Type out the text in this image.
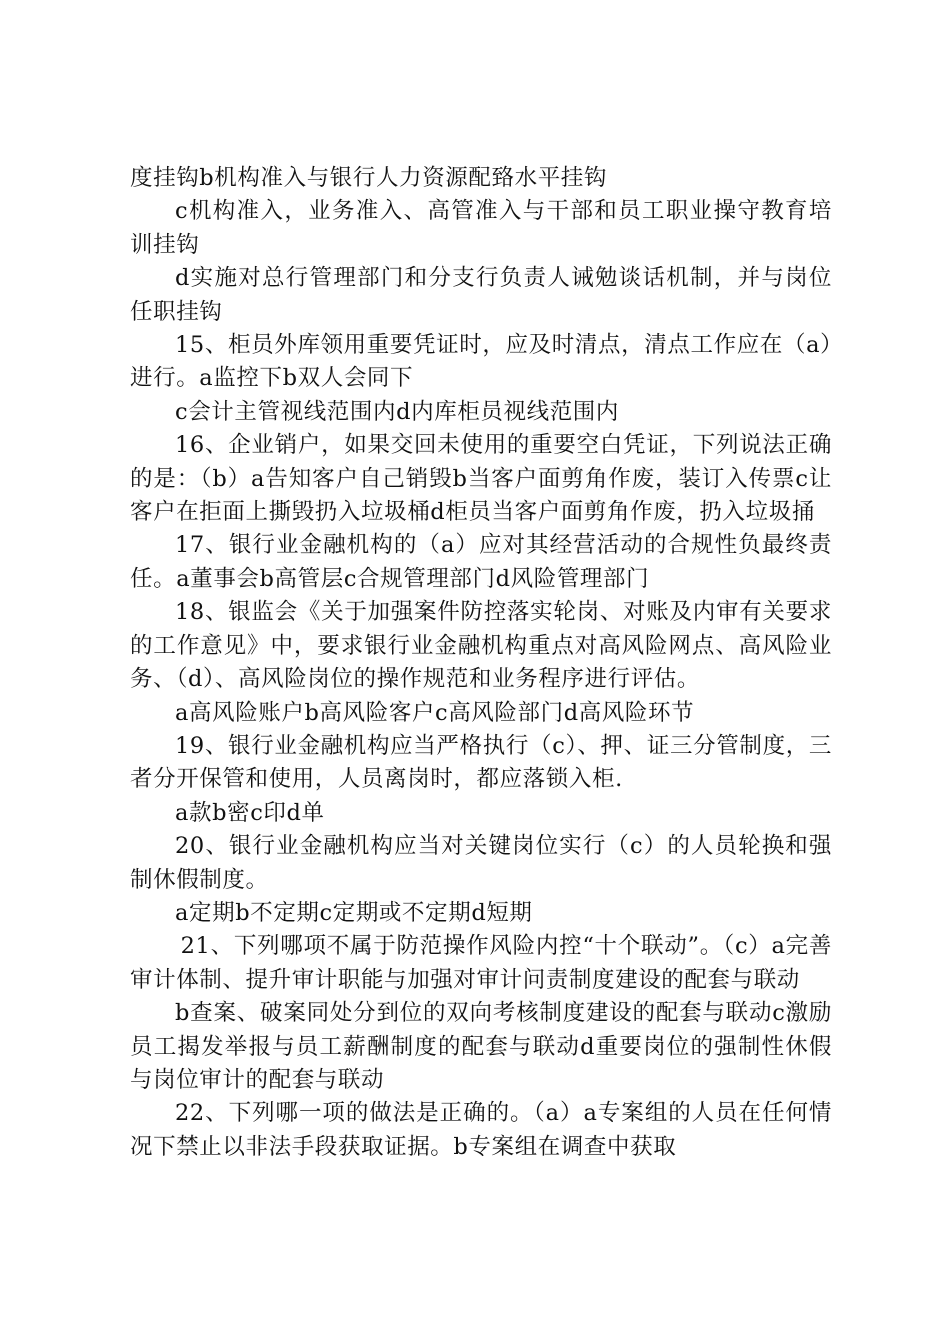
度挂钩b机构准入与银行人力资源配臵水平挂钩

c机构准入，业务准入、高管准入与干部和员工职业操守教育培训挂钩

d实施对总行管理部门和分支行负责人诫勉谈话机制，并与岗位任职挂钩

15、柜员外库领用重要凭证时，应及时清点，清点工作应在（a）进行。a监控下b双人会同下

c会计主管视线范围内d内库柜员视线范围内

16、企业销户，如果交回未使用的重要空白凭证，下列说法正确的是：（b）a告知客户自己销毁b当客户面剪角作废，装订入传票c让客户在拒面上撕毁扔入垃圾桶d柜员当客户面剪角作废，扔入垃圾捅

17、银行业金融机构的（a）应对其经营活动的合规性负最终责任。a董事会b高管层c合规管理部门d风险管理部门

18、银监会《关于加强案件防控落实轮岗、对账及内审有关要求的工作意见》中，要求银行业金融机构重点对高风险网点、高风险业务、（d）、高风险岗位的操作规范和业务程序进行评估。

a高风险账户b高风险客户c高风险部门d高风险环节

19、银行业金融机构应当严格执行（c）、押、证三分管制度，三者分开保管和使用，人员离岗时，都应落锁入柜.

a款b密c印d单

20、银行业金融机构应当对关键岗位实行（c）的人员轮换和强制休假制度。

a定期b不定期c定期或不定期d短期

21、下列哪项不属于防范操作风险内控“十个联动”。（c）a完善审计体制、提升审计职能与加强对审计问责制度建设的配套与联动

b查案、破案同处分到位的双向考核制度建设的配套与联动c激励员工揭发举报与员工薪酬制度的配套与联动d重要岗位的强制性休假与岗位审计的配套与联动

22、下列哪一项的做法是正确的。（a）a专案组的人员在任何情况下禁止以非法手段获取证据。b专案组在调查中获取
